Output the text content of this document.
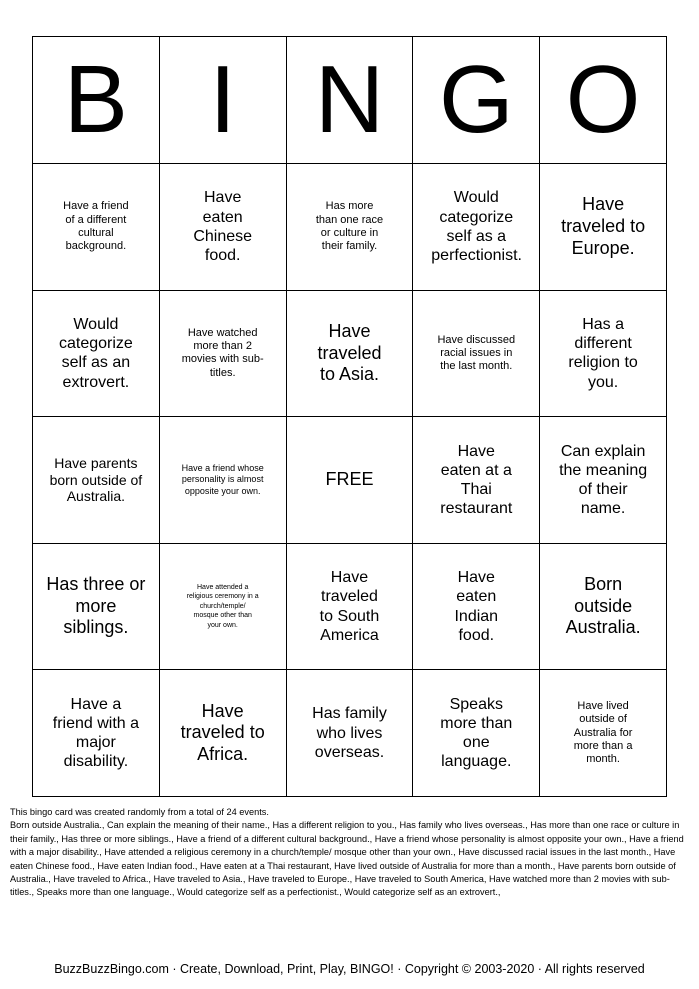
B	I	N	G	O

Have a friend of a different cultural background.	Have eaten Chinese food.	Has more than one race or culture in their family.	Would categorize self as a perfectionist.	Have traveled to Europe.

Would categorize self as an extrovert.	Have watched more than 2 movies with sub-titles.	Have traveled to Asia.	Have discussed racial issues in the last month.	Has a different religion to you.

Have parents born outside of Australia.	Have a friend whose personality is almost opposite your own.	FREE	Have eaten at a Thai restaurant	Can explain the meaning of their name.

Has three or more siblings.	Have attended a religious ceremony in a church/temple/ mosque other than your own.	Have traveled to South America	Have eaten Indian food.	Born outside Australia.

Have a friend with a major disability.	Have traveled to Africa.	Has family who lives overseas.	Speaks more than one language.	Have lived outside of Australia for more than a month.

This bingo card was created randomly from a total of 24 events.

Born outside Australia., Can explain the meaning of their name., Has a different religion to you., Has family who lives overseas., Has more than one race or culture in their family., Has three or more siblings., Have a friend of a different cultural background., Have a friend whose personality is almost opposite your own., Have a friend with a major disability., Have attended a religious ceremony in a church/temple/ mosque other than your own., Have discussed racial issues in the last month., Have eaten Chinese food., Have eaten Indian food., Have eaten at a Thai restaurant, Have lived outside of Australia for more than a month., Have parents born outside of Australia., Have traveled to Africa., Have traveled to Asia., Have traveled to Europe., Have traveled to South America, Have watched more than 2 movies with sub-titles., Speaks more than one language., Would categorize self as a perfectionist., Would categorize self as an extrovert.,

BuzzBuzzBingo.com · Create, Download, Print, Play, BINGO! · Copyright © 2003-2020 · All rights reserved
